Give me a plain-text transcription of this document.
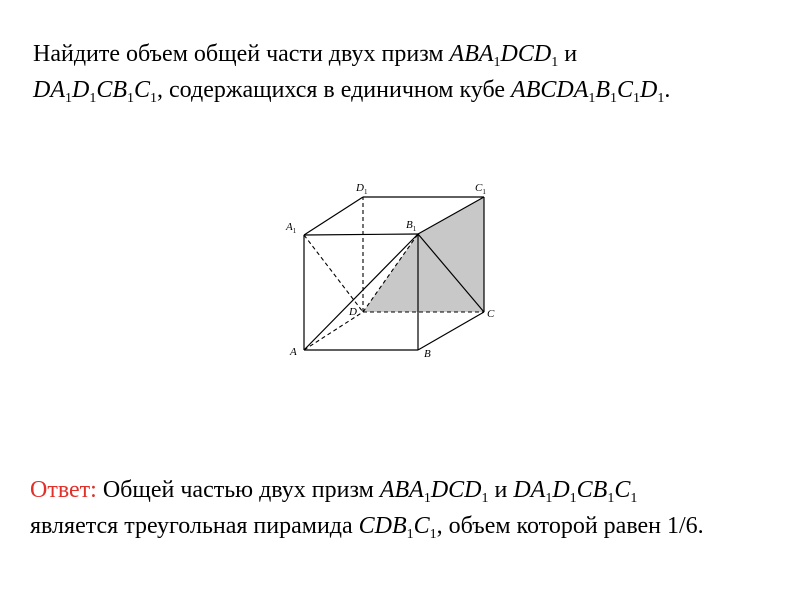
Найдите объем общей части двух призм $ABA_1DCD_1$ и
$DA_1D_1CB_1C_1$, содержащихся в единичном кубе $ABCDA_1B_1C_1D_1$.
A	B
C
D
$A_1$	$B_1$
$C_1$
$D_1$
Ответ: Общей частью двух призм $ABA_1DCD_1$ и $DA_1D_1CB_1C_1$
является треугольная пирамида $CDB_1C_1$, объем которой равен 1/6.
